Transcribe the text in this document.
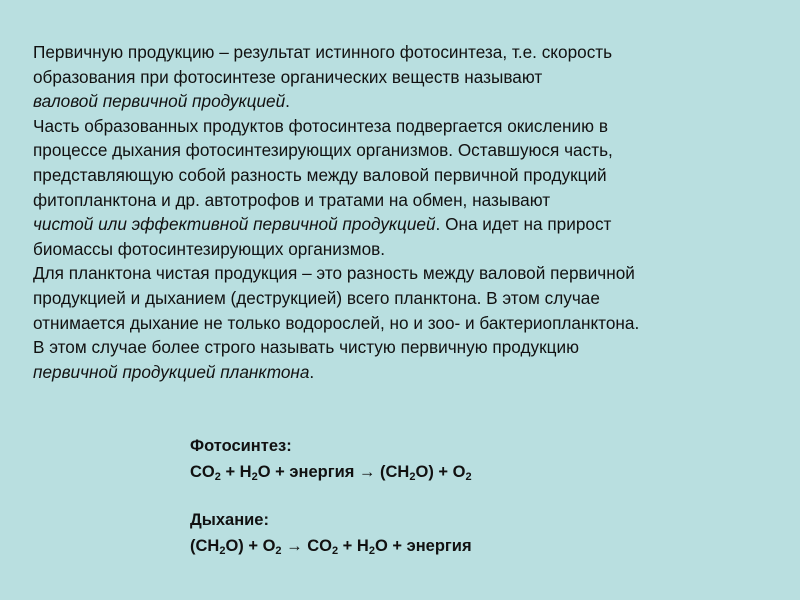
Первичную продукцию – результат истинного фотосинтеза, т.е. скорость
образования при фотосинтезе органических веществ называют
валовой первичной продукцией.
Часть образованных продуктов фотосинтеза подвергается окислению в
процессе дыхания фотосинтезирующих организмов. Оставшуюся часть,
представляющую собой разность между валовой первичной продукций
фитопланктона и др. автотрофов и тратами на обмен, называют
чистой или эффективной первичной продукцией. Она идет на прирост
биомассы фотосинтезирующих организмов.
Для планктона чистая продукция – это разность между валовой первичной
продукцией и дыханием (деструкцией) всего планктона. В этом случае
отнимается дыхание не только водорослей, но и зоо- и бактериопланктона.
В этом случае более строго называть чистую первичную продукцию
первичной продукцией планктона.
Фотосинтез:
$CO_2 + H_2O$ + энергия → $(CH_2O) + O_2$
Дыхание:
$(CH_2O) + O_2 \to CO_2 + H_2O$ + энергия
